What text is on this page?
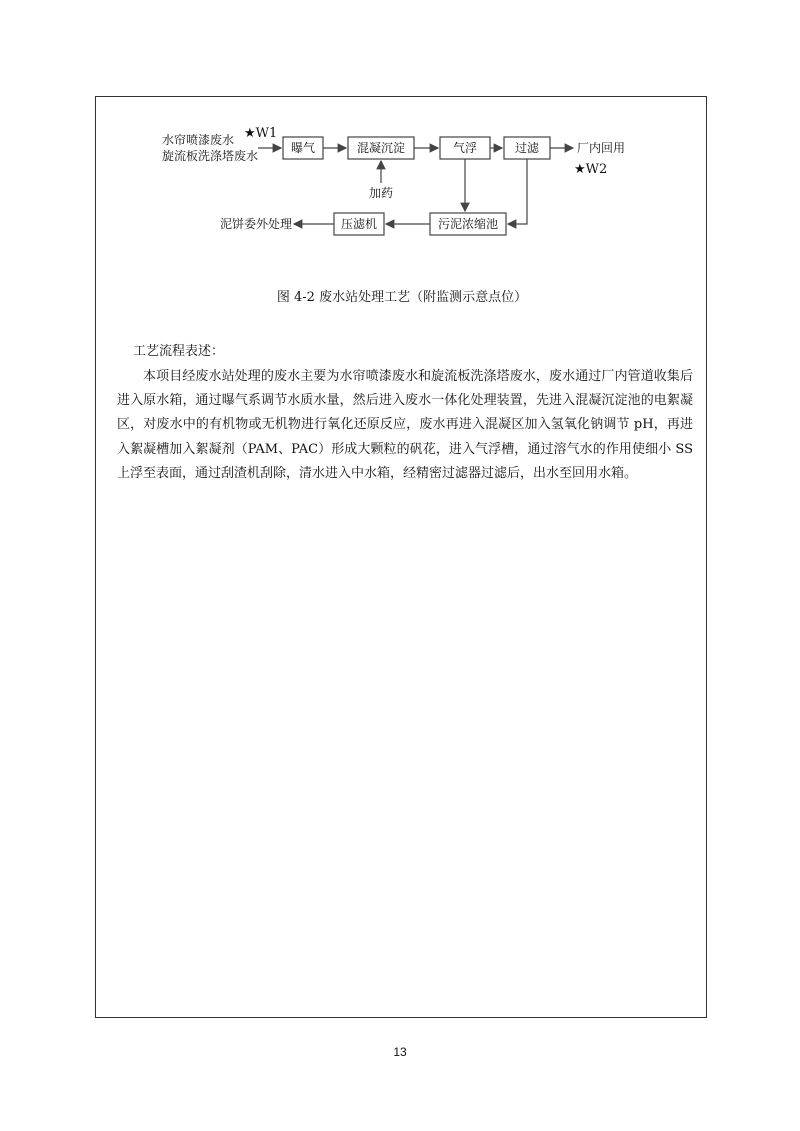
水帘喷漆废水
旋流板洗涤塔废水
★W1
曝气	混凝沉淀	气浮	过滤	厂内回用
★W2
加药
污泥浓缩池
压滤机
泥饼委外处理
图 4-2 废水站处理工艺（附监测示意点位）
工艺流程表述：

本项目经废水站处理的废水主要为水帘喷漆废水和旋流板洗涤塔废水，废水通过厂内管道收集后进入原水箱，通过曝气系调节水质水量，然后进入废水一体化处理装置，先进入混凝沉淀池的电絮凝区，对废水中的有机物或无机物进行氧化还原反应，废水再进入混凝区加入氢氧化钠调节 pH，再进入絮凝槽加入絮凝剂（PAM、PAC）形成大颗粒的矾花，进入气浮槽，通过溶气水的作用使细小 SS 上浮至表面，通过刮渣机刮除，清水进入中水箱，经精密过滤器过滤后，出水至回用水箱。

13
